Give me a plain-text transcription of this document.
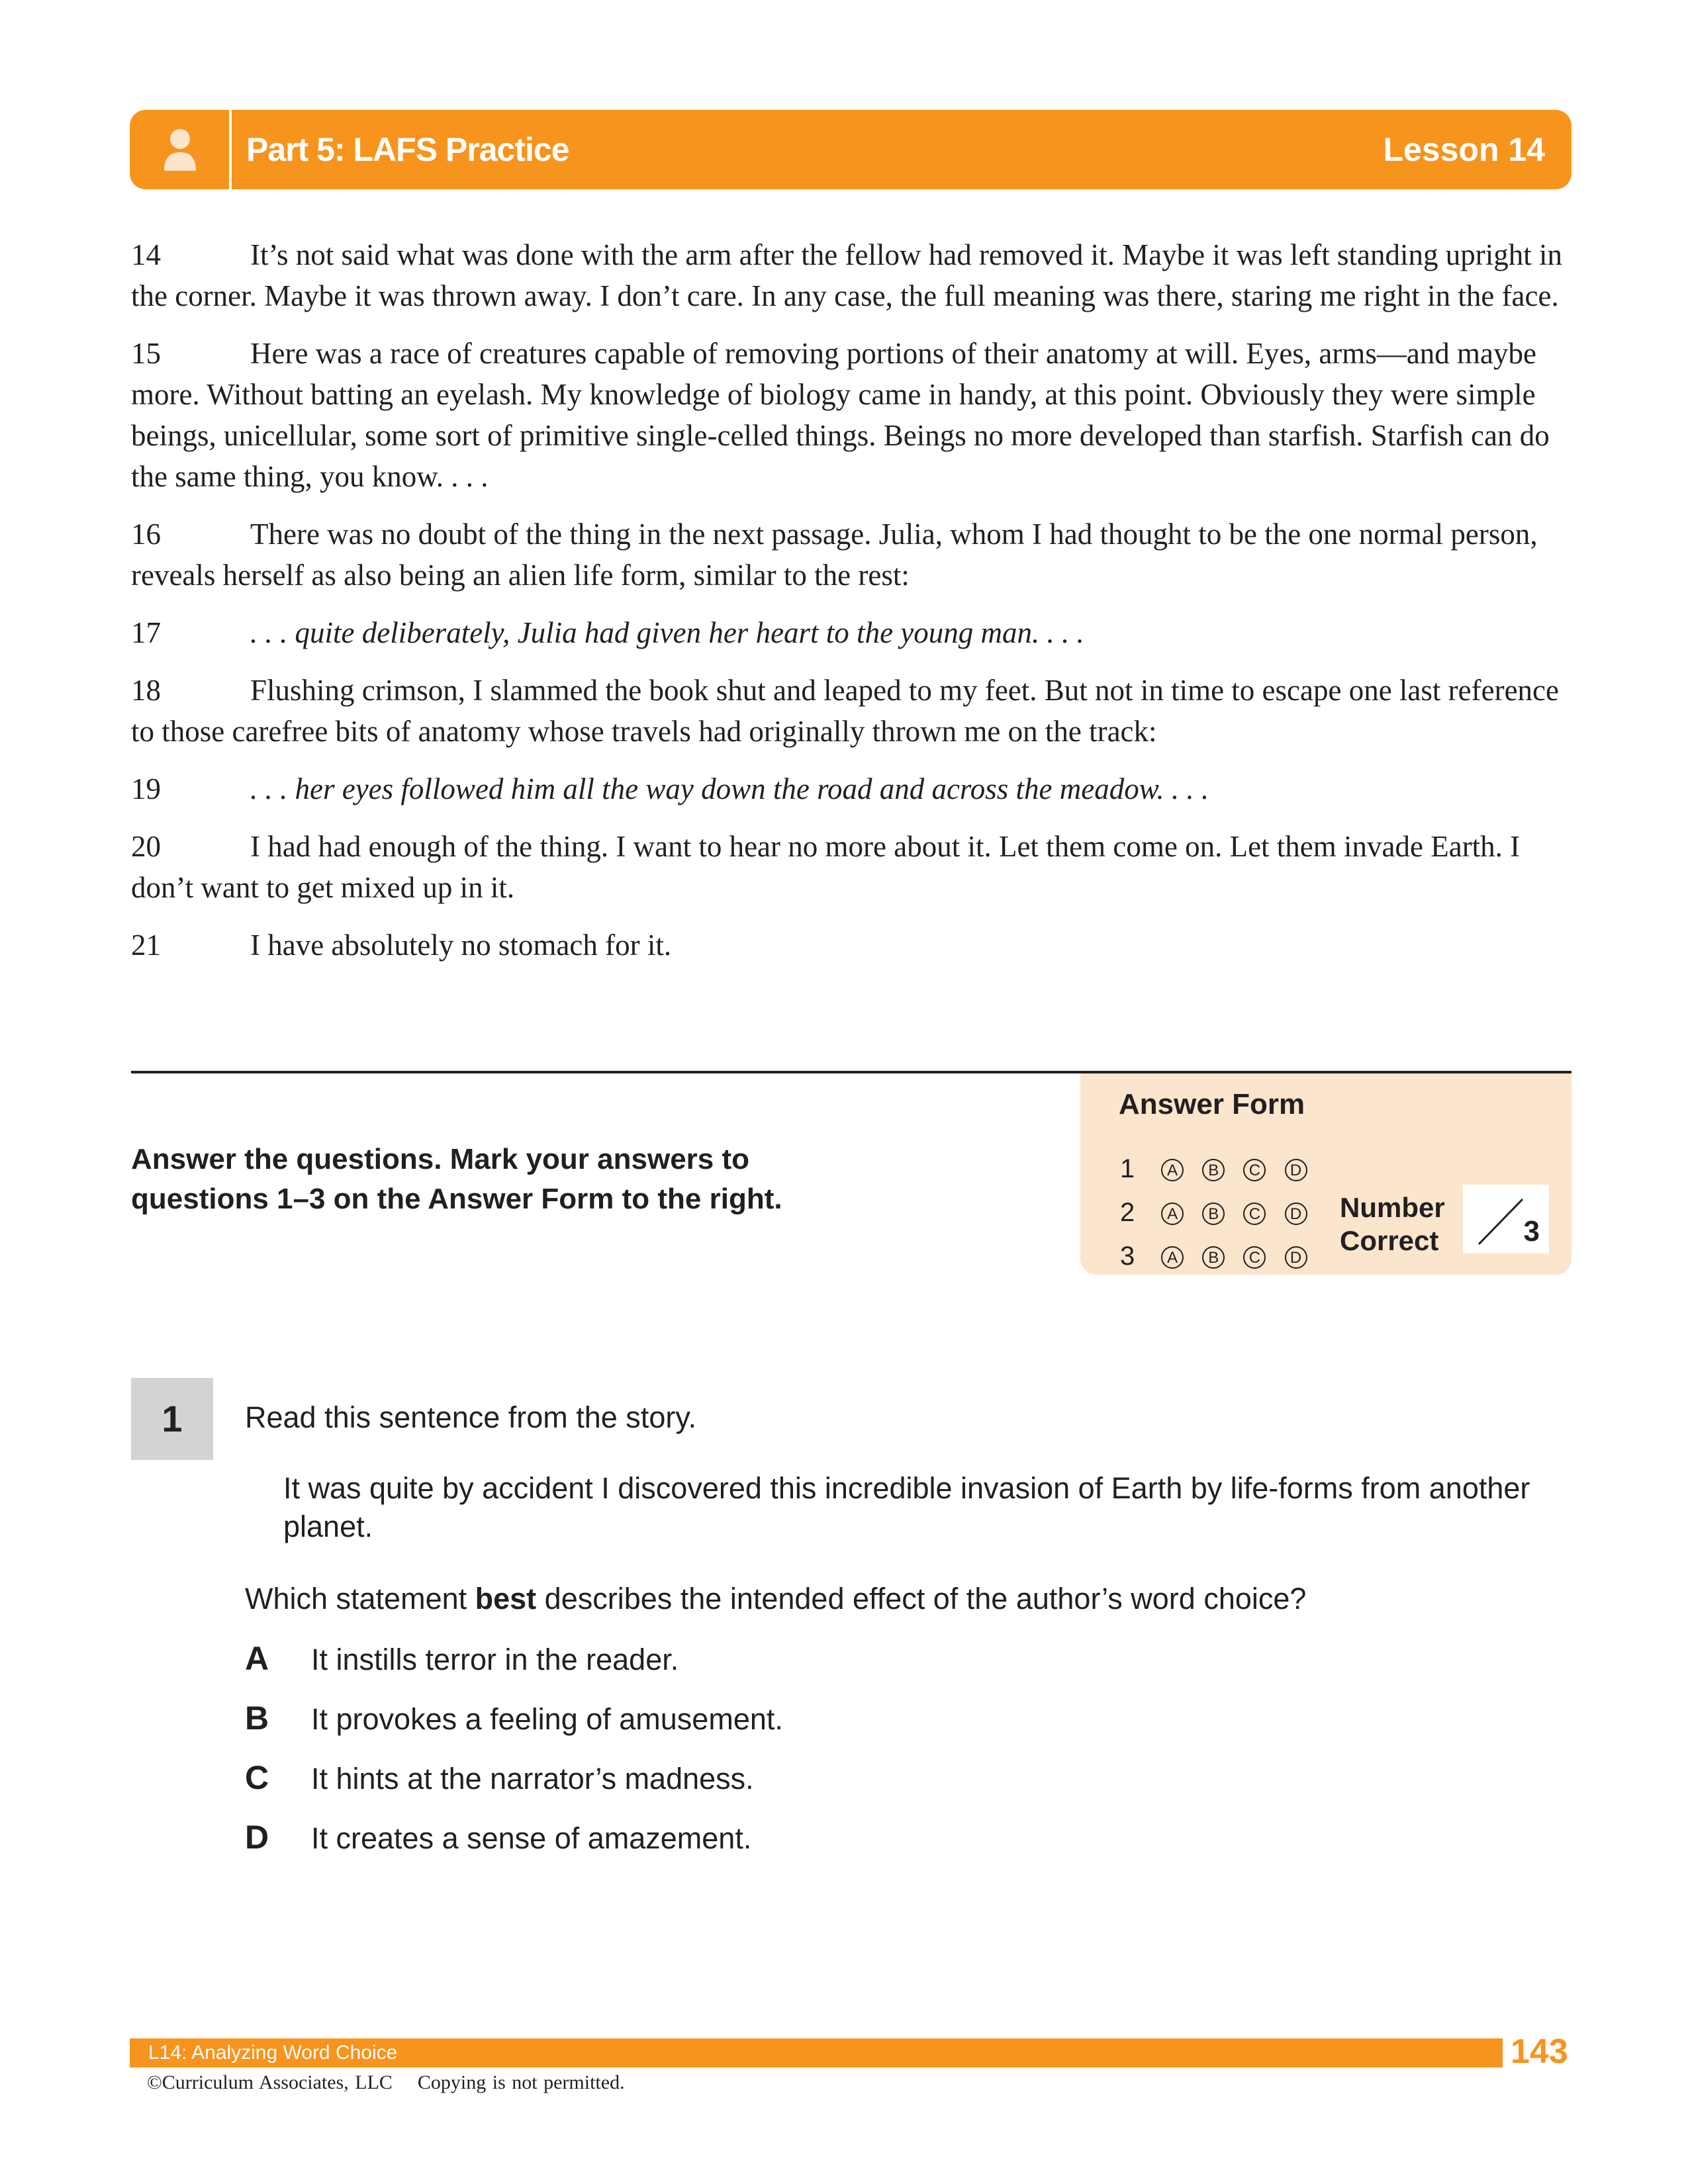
Part 5: LAFS Practice	Lesson 14

14	It’s not said what was done with the arm after the fellow had removed it. Maybe it was left standing upright in the corner. Maybe it was thrown away. I don’t care. In any case, the full meaning was there, staring me right in the face.

15	Here was a race of creatures capable of removing portions of their anatomy at will. Eyes, arms—and maybe more. Without batting an eyelash. My knowledge of biology came in handy, at this point. Obviously they were simple beings, unicellular, some sort of primitive single-celled things. Beings no more developed than starfish. Starfish can do the same thing, you know. . . .

16	There was no doubt of the thing in the next passage. Julia, whom I had thought to be the one normal person, reveals herself as also being an alien life form, similar to the rest:

17	. . . quite deliberately, Julia had given her heart to the young man. . . .

18	Flushing crimson, I slammed the book shut and leaped to my feet. But not in time to escape one last reference to those carefree bits of anatomy whose travels had originally thrown me on the track:

19	. . . her eyes followed him all the way down the road and across the meadow. . . .

20	I had had enough of the thing. I want to hear no more about it. Let them come on. Let them invade Earth. I don’t want to get mixed up in it.

21	I have absolutely no stomach for it.

Answer the questions. Mark your answers to
questions 1–3 on the Answer Form to the right.
Answer Form
1 A B C D
2 A B C D
3 A B C D
Number
Correct	3
1	Read this sentence from the story.
It was quite by accident I discovered this incredible invasion of Earth by life-forms from another planet.
Which statement best describes the intended effect of the author’s word choice?
A It instills terror in the reader.
B It provokes a feeling of amusement.
C It hints at the narrator’s madness.
D It creates a sense of amazement.
L14: Analyzing Word Choice	143
©Curriculum Associates, LLC Copying is not permitted.
